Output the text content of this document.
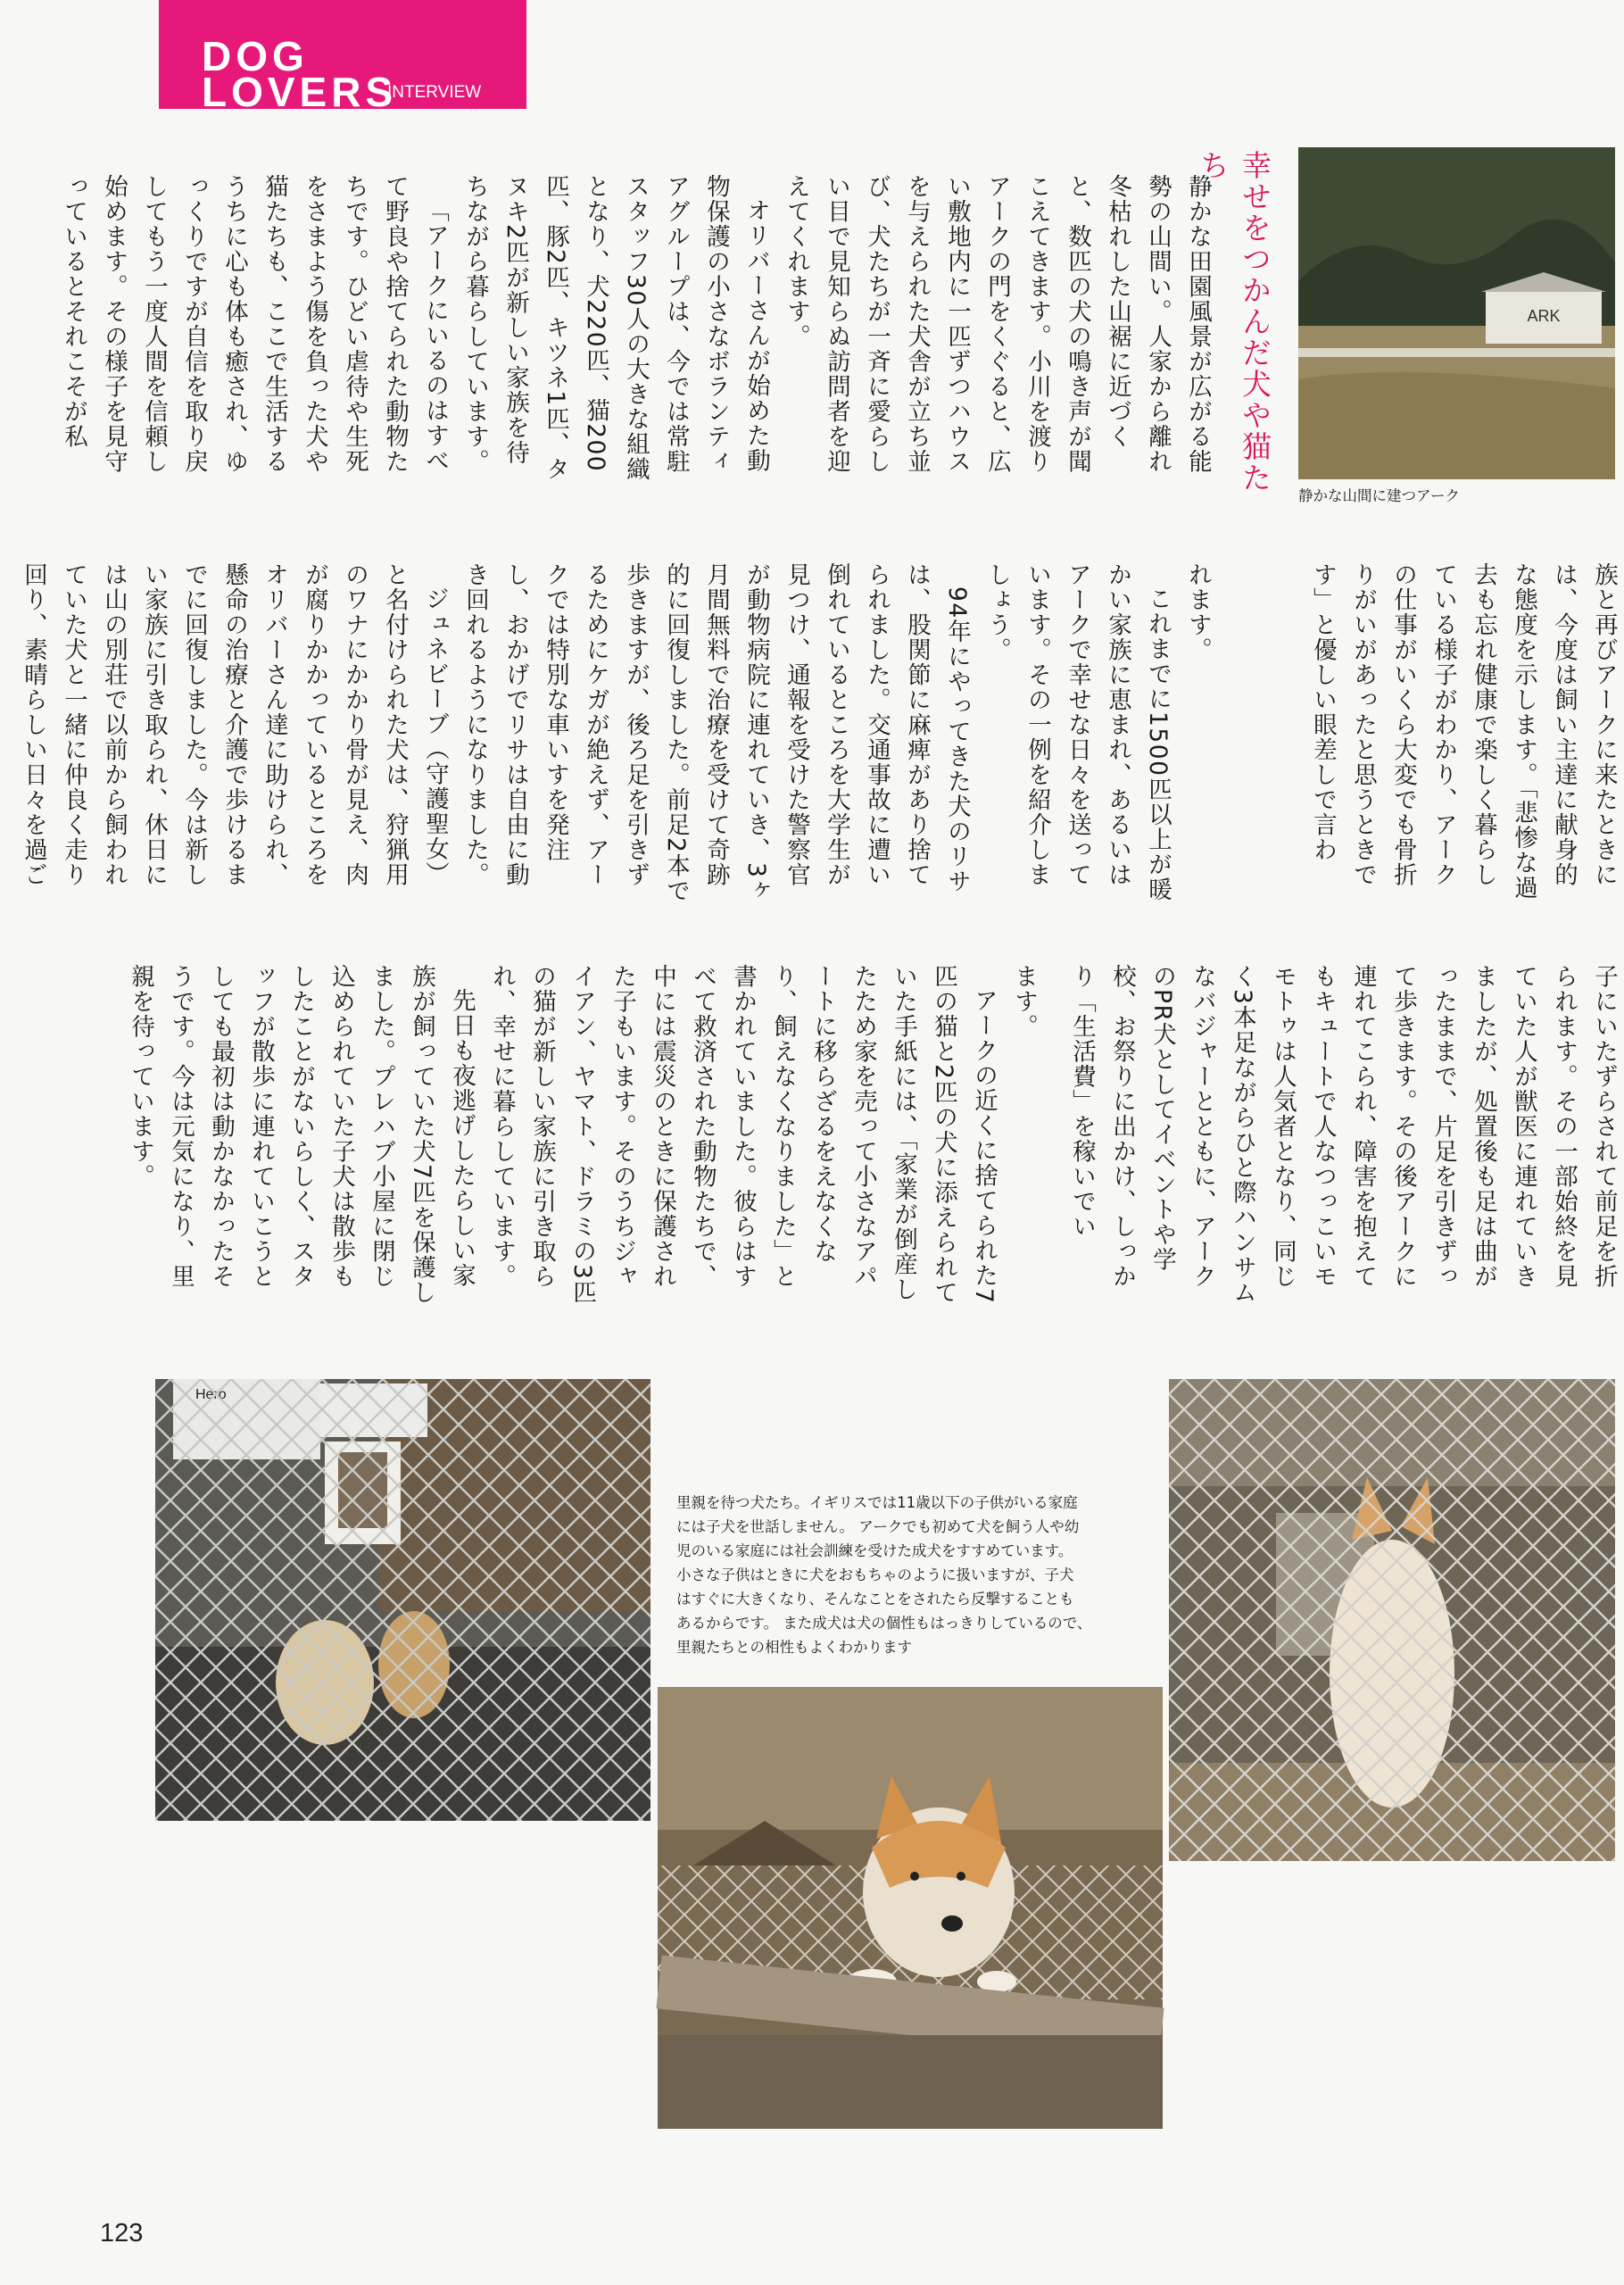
DOG
LOVERS
INTERVIEW
幸せをつかんだ犬や猫たち

静かな田園風景が広がる能勢の山間い。人家から離れ冬枯れした山裾に近づくと、数匹の犬の鳴き声が聞こえてきます。小川を渡りアークの門をくぐると、広い敷地内に一匹ずつハウスを与えられた犬舎が立ち並び、犬たちが一斉に愛らしい目で見知らぬ訪問者を迎えてくれます。

オリバーさんが始めた動物保護の小さなボランティアグループは、今では常駐スタッフ30人の大きな組織となり、犬220匹、猫200匹、豚2匹、キツネ1匹、タヌキ2匹が新しい家族を待ちながら暮らしています。

「アークにいるのはすべて野良や捨てられた動物たちです。ひどい虐待や生死をさまよう傷を負った犬や猫たちも、ここで生活するうちに心も体も癒され、ゆっくりですが自信を取り戻してもう一度人間を信頼し始めます。その様子を見守っているとそれこそが私

れます。

これまでに1500匹以上が暖かい家族に恵まれ、あるいはアークで幸せな日々を送っています。その一例を紹介しましょう。

94年にやってきた犬のリサは、股関節に麻痺があり捨てられました。交通事故に遭い倒れているところを大学生が見つけ、通報を受けた警察官が動物病院に連れていき、3ヶ月間無料で治療を受けて奇跡的に回復しました。前足2本で歩きますが、後ろ足を引きずるためにケガが絶えず、アークでは特別な車いすを発注し、おかげでリサは自由に動き回れるようになりました。

ジュネビーブ（守護聖女）と名付けられた犬は、狩猟用のワナにかかり骨が見え、肉が腐りかかっているところをオリバーさん達に助けられ、懸命の治療と介護で歩けるまでに回復しました。今は新しい家族に引き取られ、休日には山の別荘で以前から飼われていた犬と一緒に仲良く走り回り、素晴らしい日々を過ご	族と再びアークに来たときには、今度は飼い主達に献身的な態度を示します。「悲惨な過去も忘れ健康で楽しく暮らしている様子がわかり、アークの仕事がいくら大変でも骨折りがいがあったと思うときです」と優しい眼差しで言わ

ます。

アークの近くに捨てられた7匹の猫と2匹の犬に添えられていた手紙には、「家業が倒産したため家を売って小さなアパートに移らざるをえなくなり、飼えなくなりました」と書かれていました。彼らはすべて救済された動物たちで、中には震災のときに保護された子もいます。そのうちジャイアン、ヤマト、ドラミの3匹の猫が新しい家族に引き取られ、幸せに暮らしています。

先日も夜逃げしたらしい家族が飼っていた犬7匹を保護しました。プレハブ小屋に閉じ込められていた子犬は散歩もしたことがないらしく、スタッフが散歩に連れていこうとしても最初は動かなかったそうです。今は元気になり、里親を待っています。	子にいたずらされて前足を折られます。その一部始終を見ていた人が獣医に連れていきましたが、処置後も足は曲がったままで、片足を引きずって歩きます。その後アークに連れてこられ、障害を抱えてもキュートで人なつっこいモモトゥは人気者となり、同じく3本足ながらひと際ハンサムなバジャーとともに、アークのPR犬としてイベントや学校、お祭りに出かけ、しっかり「生活費」を稼いでい

ARK
静かな山間に建つアーク

里親を待つ犬たち。イギリスでは11歳以下の子供がいる家庭

には子犬を世話しません。 アークでも初めて犬を飼う人や幼

児のいる家庭には社会訓練を受けた成犬をすすめています。

小さな子供はときに犬をおもちゃのように扱いますが、子犬

はすぐに大きくなり、そんなことをされたら反撃することも

あるからです。 また成犬は犬の個性もはっきりしているので、

里親たちとの相性もよくわかります

123
